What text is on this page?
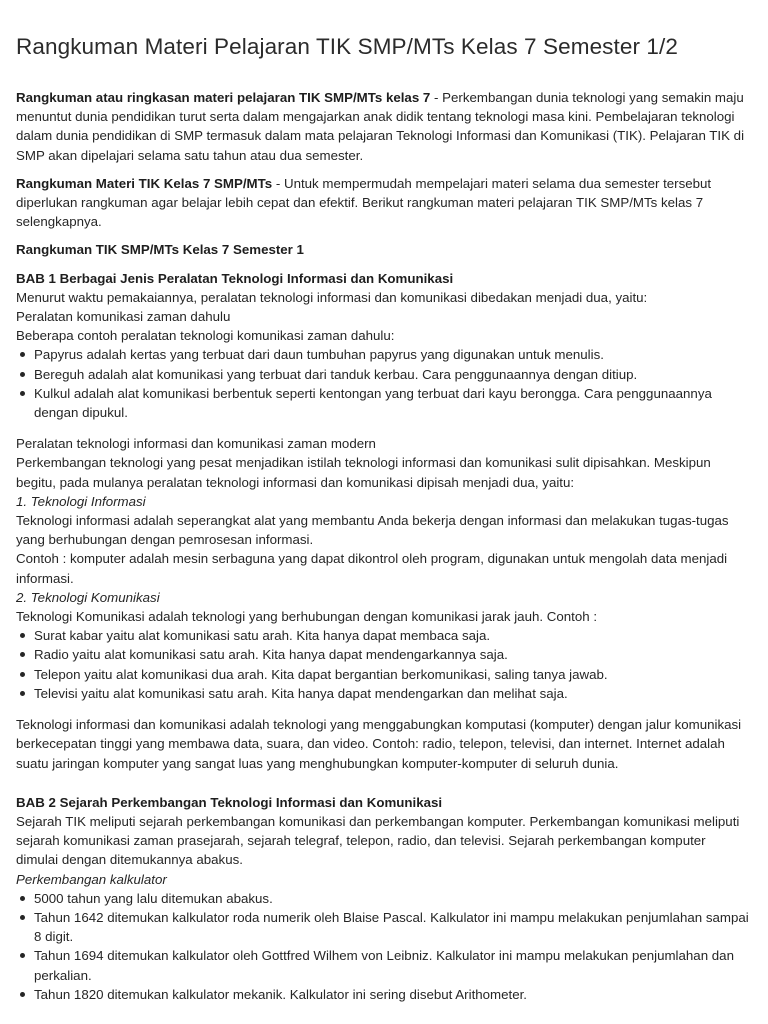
Rangkuman Materi Pelajaran TIK SMP/MTs Kelas 7 Semester 1/2

Rangkuman atau ringkasan materi pelajaran TIK SMP/MTs kelas 7 - Perkembangan dunia teknologi yang semakin maju menuntut dunia pendidikan turut serta dalam mengajarkan anak didik tentang teknologi masa kini. Pembelajaran teknologi dalam dunia pendidikan di SMP termasuk dalam mata pelajaran Teknologi Informasi dan Komunikasi (TIK). Pelajaran TIK di SMP akan dipelajari selama satu tahun atau dua semester.

Rangkuman Materi TIK Kelas 7 SMP/MTs - Untuk mempermudah mempelajari materi selama dua semester tersebut diperlukan rangkuman agar belajar lebih cepat dan efektif. Berikut rangkuman materi pelajaran TIK SMP/MTs kelas 7 selengkapnya.

Rangkuman TIK SMP/MTs Kelas 7 Semester 1

BAB 1 Berbagai Jenis Peralatan Teknologi Informasi dan Komunikasi

Menurut waktu pemakaiannya, peralatan teknologi informasi dan komunikasi dibedakan menjadi dua, yaitu:

Peralatan komunikasi zaman dahulu

Beberapa contoh peralatan teknologi komunikasi zaman dahulu:

Papyrus adalah kertas yang terbuat dari daun tumbuhan papyrus yang digunakan untuk menulis.
Bereguh adalah alat komunikasi yang terbuat dari tanduk kerbau. Cara penggunaannya dengan ditiup.
Kulkul adalah alat komunikasi berbentuk seperti kentongan yang terbuat dari kayu berongga. Cara penggunaannya dengan dipukul.

Peralatan teknologi informasi dan komunikasi zaman modern

Perkembangan teknologi yang pesat menjadikan istilah teknologi informasi dan komunikasi sulit dipisahkan. Meskipun begitu, pada mulanya peralatan teknologi informasi dan komunikasi dipisah menjadi dua, yaitu:

1. Teknologi Informasi

Teknologi informasi adalah seperangkat alat yang membantu Anda bekerja dengan informasi dan melakukan tugas-tugas yang berhubungan dengan pemrosesan informasi.

Contoh : komputer adalah mesin serbaguna yang dapat dikontrol oleh program, digunakan untuk mengolah data menjadi informasi.

2. Teknologi Komunikasi

Teknologi Komunikasi adalah teknologi yang berhubungan dengan komunikasi jarak jauh. Contoh :

Surat kabar yaitu alat komunikasi satu arah. Kita hanya dapat membaca saja.
Radio yaitu alat komunikasi satu arah. Kita hanya dapat mendengarkannya saja.
Telepon yaitu alat komunikasi dua arah. Kita dapat bergantian berkomunikasi, saling tanya jawab.
Televisi yaitu alat komunikasi satu arah. Kita hanya dapat mendengarkan dan melihat saja.

Teknologi informasi dan komunikasi adalah teknologi yang menggabungkan komputasi (komputer) dengan jalur komunikasi berkecepatan tinggi yang membawa data, suara, dan video. Contoh: radio, telepon, televisi, dan internet. Internet adalah suatu jaringan komputer yang sangat luas yang menghubungkan komputer-komputer di seluruh dunia.

BAB 2 Sejarah Perkembangan Teknologi Informasi dan Komunikasi

Sejarah TIK meliputi sejarah perkembangan komunikasi dan perkembangan komputer. Perkembangan komunikasi meliputi sejarah komunikasi zaman prasejarah, sejarah telegraf, telepon, radio, dan televisi. Sejarah perkembangan komputer dimulai dengan ditemukannya abakus.

Perkembangan kalkulator

5000 tahun yang lalu ditemukan abakus.
Tahun 1642 ditemukan kalkulator roda numerik oleh Blaise Pascal. Kalkulator ini mampu melakukan penjumlahan sampai 8 digit.
Tahun 1694 ditemukan kalkulator oleh Gottfred Wilhem von Leibniz. Kalkulator ini mampu melakukan penjumlahan dan perkalian.
Tahun 1820 ditemukan kalkulator mekanik. Kalkulator ini sering disebut Arithometer.
